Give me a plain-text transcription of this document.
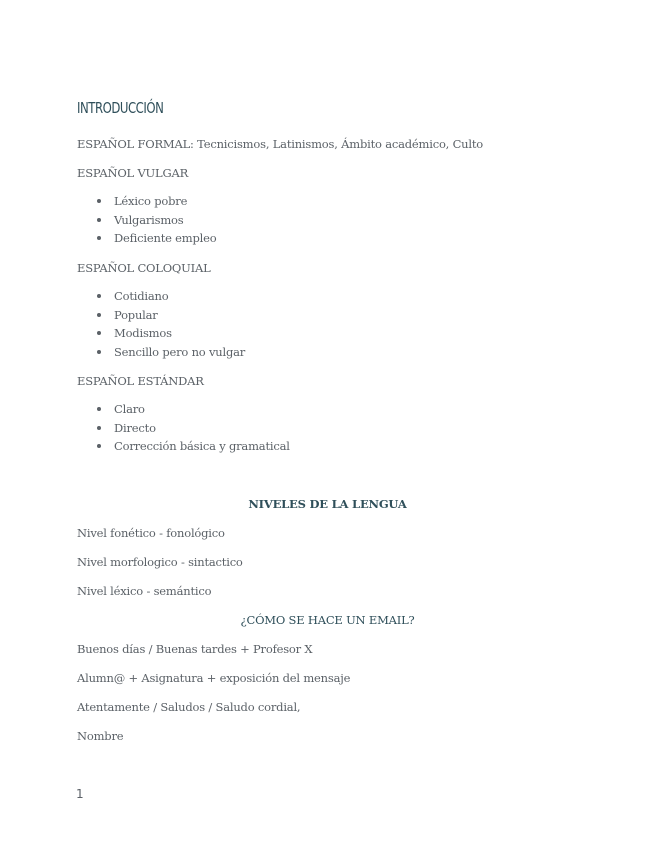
INTRODUCCIÓN

ESPAÑOL FORMAL: Tecnicismos, Latinismos, Ámbito académico, Culto

ESPAÑOL VULGAR

Léxico pobre
Vulgarismos
Deficiente empleo

ESPAÑOL COLOQUIAL

Cotidiano
Popular
Modismos
Sencillo pero no vulgar

ESPAÑOL ESTÁNDAR

Claro
Directo
Corrección básica y gramatical

NIVELES DE LA LENGUA

Nivel fonético - fonológico

Nivel morfologico - sintactico

Nivel léxico - semántico

¿CÓMO SE HACE UN EMAIL?

Buenos días / Buenas tardes + Profesor X

Alumn@ + Asignatura + exposición del mensaje

Atentamente / Saludos / Saludo cordial,

Nombre

1
